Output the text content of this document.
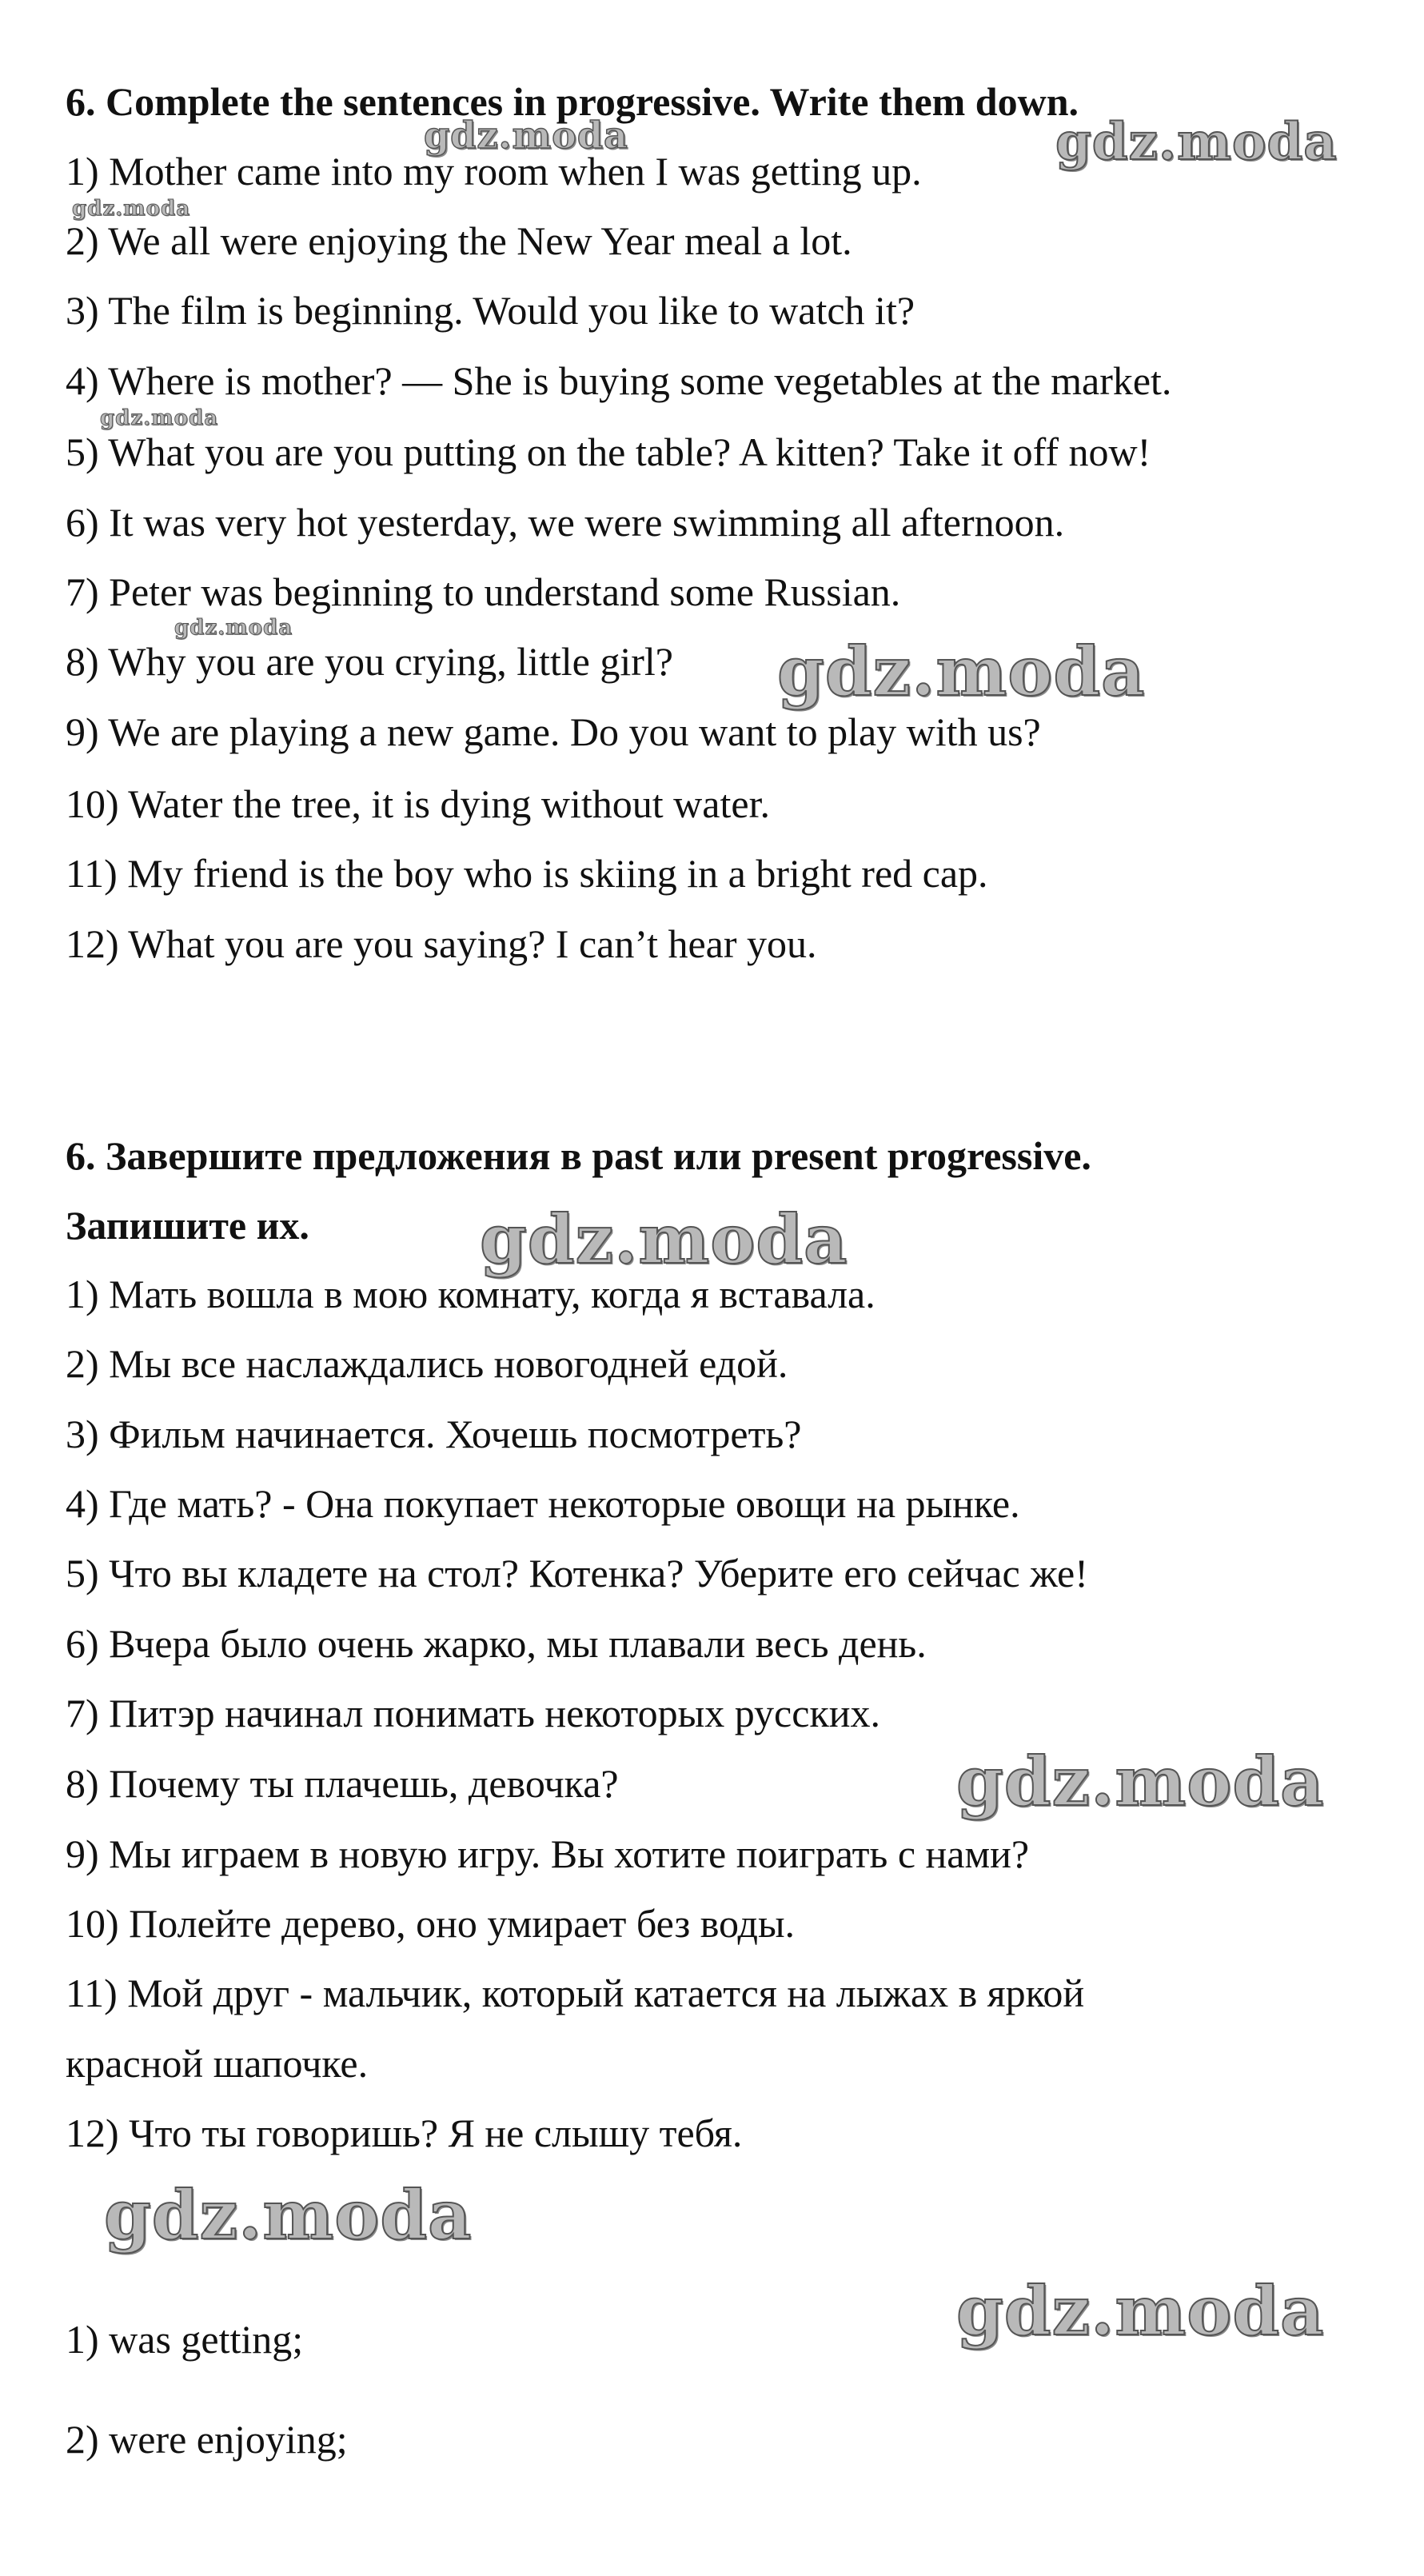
6. Complete the sentences in progressive. Write them down.
1) Mother came into my room when I was getting up.
2) We all were enjoying the New Year meal a lot.
3) The film is beginning. Would you like to watch it?
4) Where is mother? — She is buying some vegetables at the market.
5) What you are you putting on the table? A kitten? Take it off now!
6) It was very hot yesterday, we were swimming all afternoon.
7) Peter was beginning to understand some Russian.
8) Why you are you crying, little girl?
9) We are playing a new game. Do you want to play with us?
10) Water the tree, it is dying without water.
11) My friend is the boy who is skiing in a bright red cap.
12) What you are you saying? I can’t hear you.
6. Завершите предложения в past или present progressive.
Запишите их.
1) Мать вошла в мою комнату, когда я вставала.
2) Мы все наслаждались новогодней едой.
3) Фильм начинается. Хочешь посмотреть?
4) Где мать? - Она покупает некоторые овощи на рынке.
5) Что вы кладете на стол? Котенка? Уберите его сейчас же!
6) Вчера было очень жарко, мы плавали весь день.
7) Питэр начинал понимать некоторых русских.
8) Почему ты плачешь, девочка?
9) Мы играем в новую игру. Вы хотите поиграть с нами?
10) Полейте дерево, оно умирает без воды.
11) Мой друг - мальчик, который катается на лыжах в яркой
красной шапочке.
12) Что ты говоришь? Я не слышу тебя.
1) was getting;
2) were enjoying;
gdz.moda	gdz.moda
gdz.moda
gdz.moda
gdz.moda
gdz.moda
gdz.moda
gdz.moda
gdz.moda
gdz.moda
